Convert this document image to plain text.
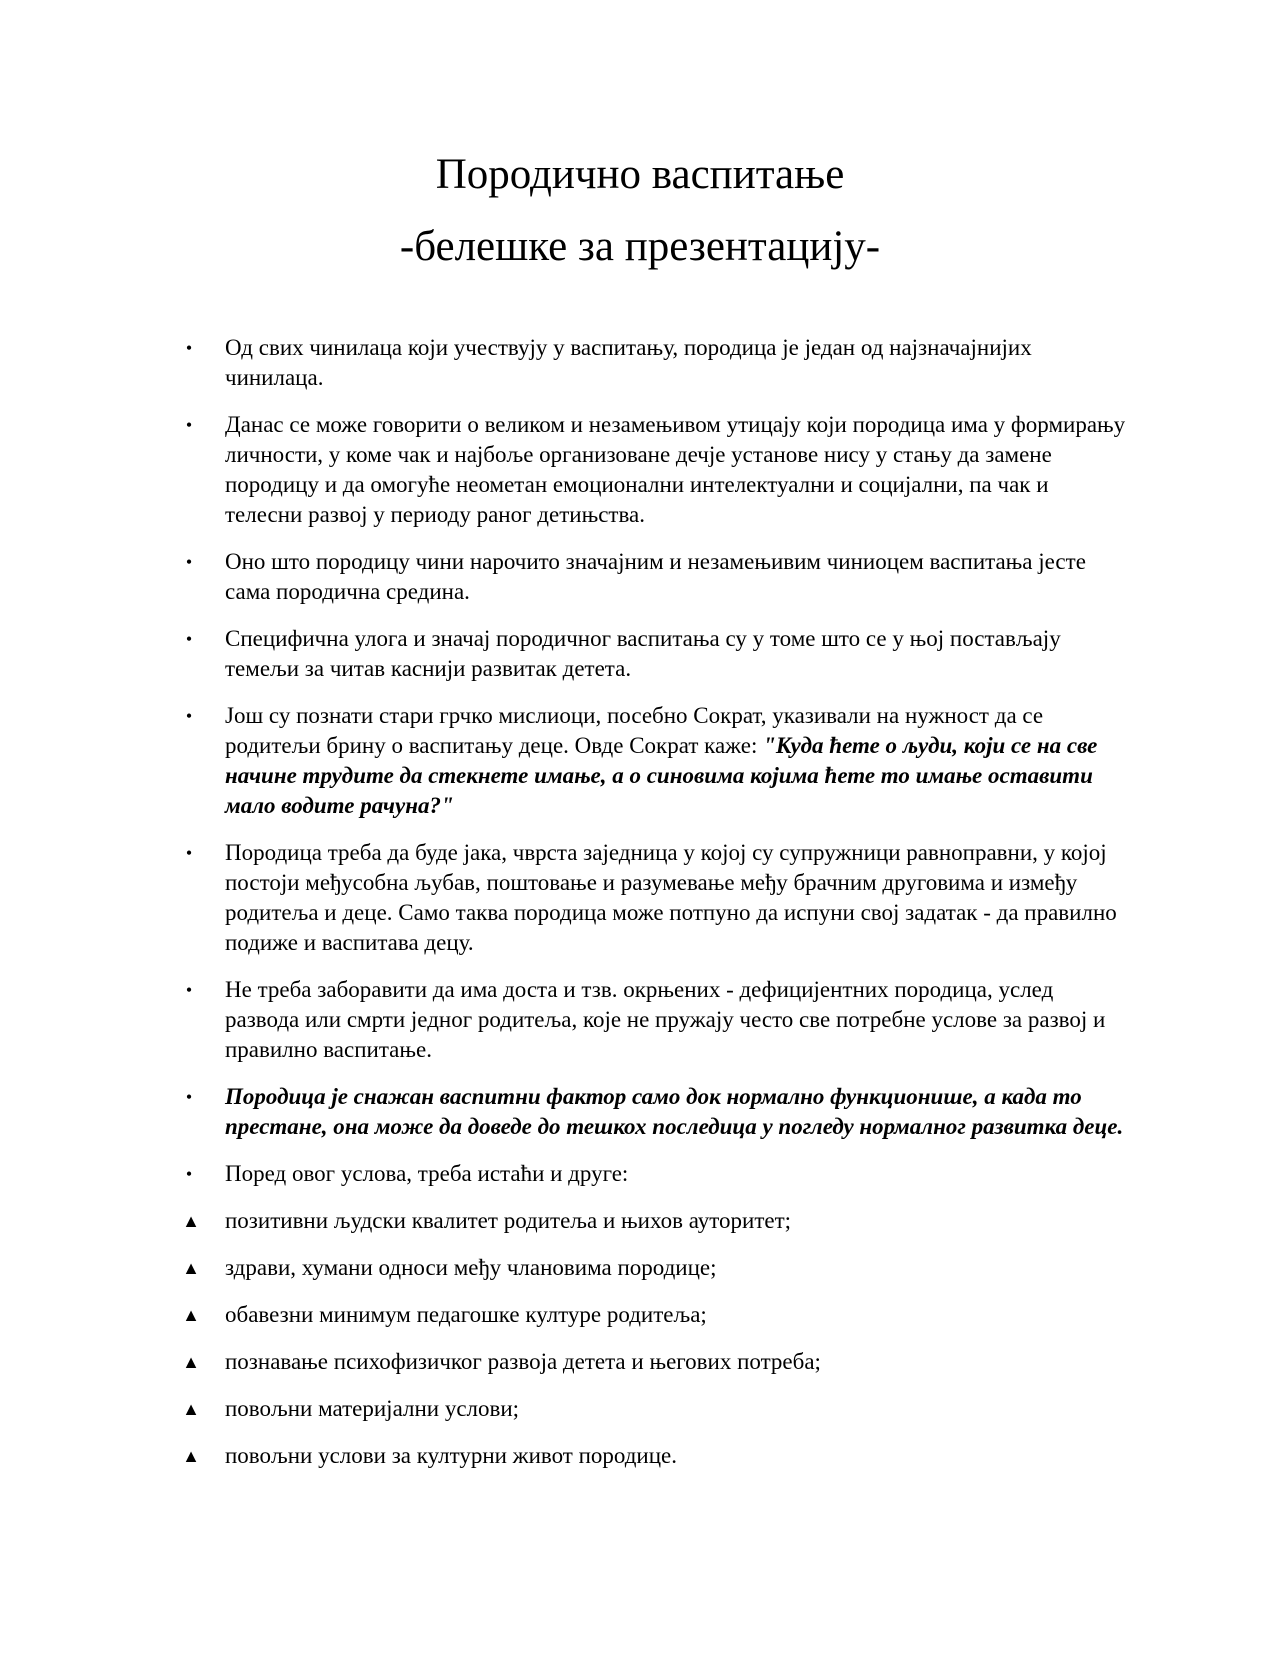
Породично васпитање
-белешке за презентацију-
• Од свих чинилаца који учествују у васпитању, породица је један од најзначајнијих чинилаца.
• Данас се може говорити о великом и незамењивом утицају који породица има у формирању личности, у коме чак и најбоље организоване дечје установе нису у стању да замене породицу и да омогуће неометан емоционални интелектуални и социјални, па чак и телесни развој у периоду раног детињства.
• Оно што породицу чини нарочито значајним и незамењивим чиниоцем васпитања јесте сама породична средина.
• Специфична улога и значај породичног васпитања су у томе што се у њој постављају темељи за читав каснији развитак детета.
• Још су познати стари грчко мислиоци, посебно Сократ, указивали на нужност да се родитељи брину о васпитању деце. Овде Сократ каже: "Куда ћете о људи, који се на све начине трудите да стекнете имање, а о синовима којима ћете то имање оставити мало водите рачуна?"
• Породица треба да буде јака, чврста заједница у којој су супружници равноправни, у којој постоји међусобна љубав, поштовање и разумевање међу брачним друговима и између родитеља и деце. Само таква породица може потпуно да испуни свој задатак - да правилно подиже и васпитава децу.
• Не треба заборавити да има доста и тзв. окрњених - дефицијентних породица, услед развода или смрти једног родитеља, које не пружају често све потребне услове за развој и правилно васпитање.
• Породица је снажан васпитни фактор само док нормално функционише, а када то престане, она може да доведе до тешкох последица у погледу нормалног развитка деце.
• Поред овог услова, треба истаћи и друге:
▲ позитивни људски квалитет родитеља и њихов ауторитет;
▲ здрави, хумани односи међу члановима породице;
▲ обавезни минимум педагошке културе родитеља;
▲ познавање психофизичког развоја детета и његових потреба;
▲ повољни материјални услови;
▲ повољни услови за културни живот породице.
